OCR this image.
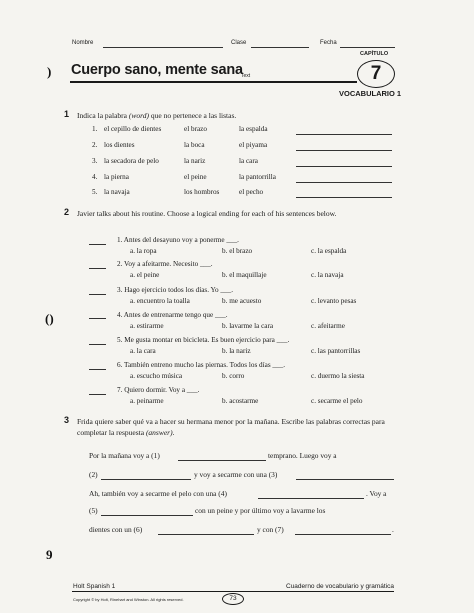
)
()
9
Nombre	Clase	Fecha
CAPÍTULO
7
Cuerpo sano, mente sana
Text
VOCABULARIO 1
1 Indica la palabra (word) que no pertenece a las listas.
1. el cepillo de dientes	el brazo	la espalda
2. los dientes	la boca	el piyama
3. la secadora de pelo	la nariz	la cara
4. la pierna	el peine	la pantorrilla
5. la navaja	los hombros	el pecho
2 Javier talks about his routine. Choose a logical ending for each of his sentences below.
1. Antes del desayuno voy a ponerme ___.
a. la ropa	b. el brazo	c. la espalda
2. Voy a afeitarme. Necesito ___.
a. el peine	b. el maquillaje	c. la navaja
3. Hago ejercicio todos los días. Yo ___.
a. encuentro la toalla	b. me acuesto	c. levanto pesas
4. Antes de entrenarme tengo que ___.
a. estirarme	b. lavarme la cara	c. afeitarme
5. Me gusta montar en bicicleta. Es buen ejercicio para ___.
a. la cara	b. la nariz	c. las pantorrillas
6. También entreno mucho las piernas. Todos los días ___.
a. escucho música	b. corro	c. duermo la siesta
7. Quiero dormir. Voy a ___.
a. peinarme	b. acostarme	c. secarme el pelo
3 Frida quiere saber qué va a hacer su hermana menor por la mañana. Escribe las palabras correctas para completar la respuesta (answer).
Por la mañana voy a (1)	temprano. Luego voy a
(2)	y voy a secarme con una (3)
Ah, también voy a secarme el pelo con una (4)	. Voy a
(5)	con un peine y por último voy a lavarme los
dientes con un (6)	y con (7)	.
Holt Spanish 1	Cuaderno de vocabulario y gramática
Copyright © by Holt, Rinehart and Winston. All rights reserved.	73
